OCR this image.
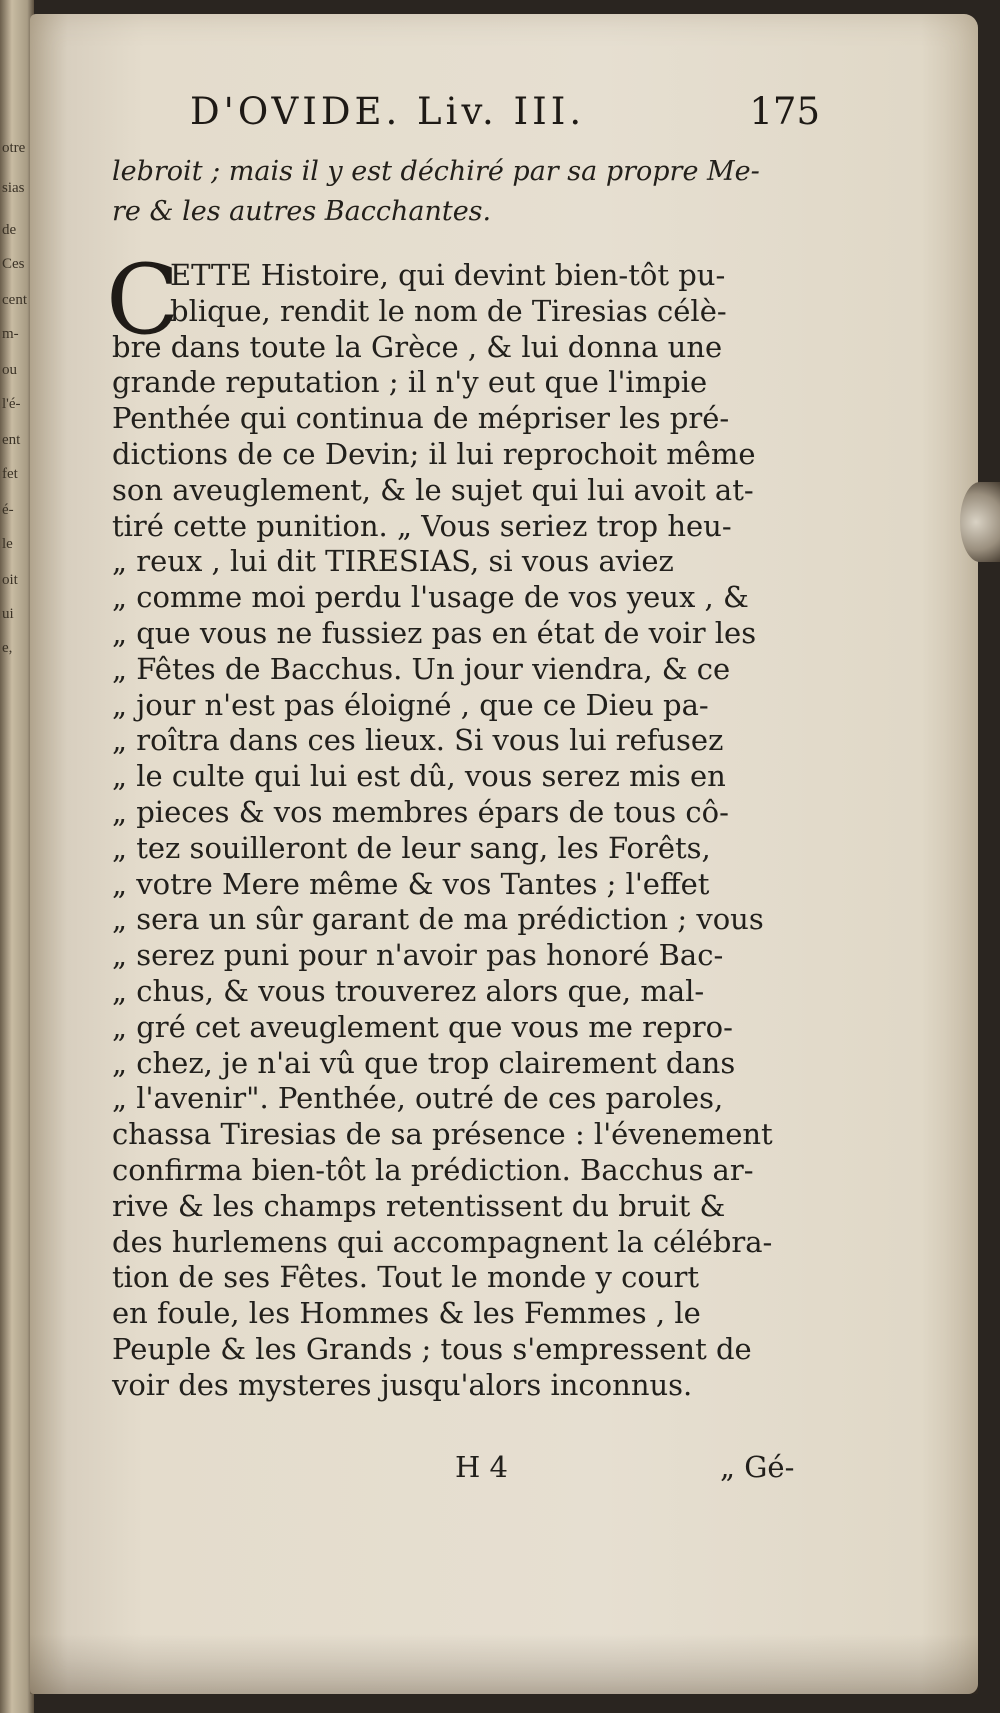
otre
sias
de
Ces
cent
m-
ou
l'é-
ent
fet
é-
le
oit
ui
e,
D'OVIDE. Liv. III.	175
lebroit ; mais il y est déchiré par sa propre Me-
re & les autres Bacchantes.
C
ETTE Histoire, qui devint bien-tôt pu-
blique, rendit le nom de Tiresias célè-
bre dans toute la Grèce , & lui donna une
grande reputation ; il n'y eut que l'impie
Penthée qui continua de mépriser les pré-
dictions de ce Devin; il lui reprochoit même
son aveuglement, & le sujet qui lui avoit at-
tiré cette punition. „ Vous seriez trop heu-
„ reux , lui dit TIRESIAS, si vous aviez
„ comme moi perdu l'usage de vos yeux , &
„ que vous ne fussiez pas en état de voir les
„ Fêtes de Bacchus. Un jour viendra, & ce
„ jour n'est pas éloigné , que ce Dieu pa-
„ roîtra dans ces lieux. Si vous lui refusez
„ le culte qui lui est dû, vous serez mis en
„ pieces & vos membres épars de tous cô-
„ tez souilleront de leur sang, les Forêts,
„ votre Mere même & vos Tantes ; l'effet
„ sera un sûr garant de ma prédiction ; vous
„ serez puni pour n'avoir pas honoré Bac-
„ chus, & vous trouverez alors que, mal-
„ gré cet aveuglement que vous me repro-
„ chez, je n'ai vû que trop clairement dans
„ l'avenir". Penthée, outré de ces paroles,
chassa Tiresias de sa présence : l'évenement
confirma bien-tôt la prédiction. Bacchus ar-
rive & les champs retentissent du bruit &
des hurlemens qui accompagnent la célébra-
tion de ses Fêtes. Tout le monde y court
en foule, les Hommes & les Femmes , le
Peuple & les Grands ; tous s'empressent de
voir des mysteres jusqu'alors inconnus.
H 4	„ Gé-
